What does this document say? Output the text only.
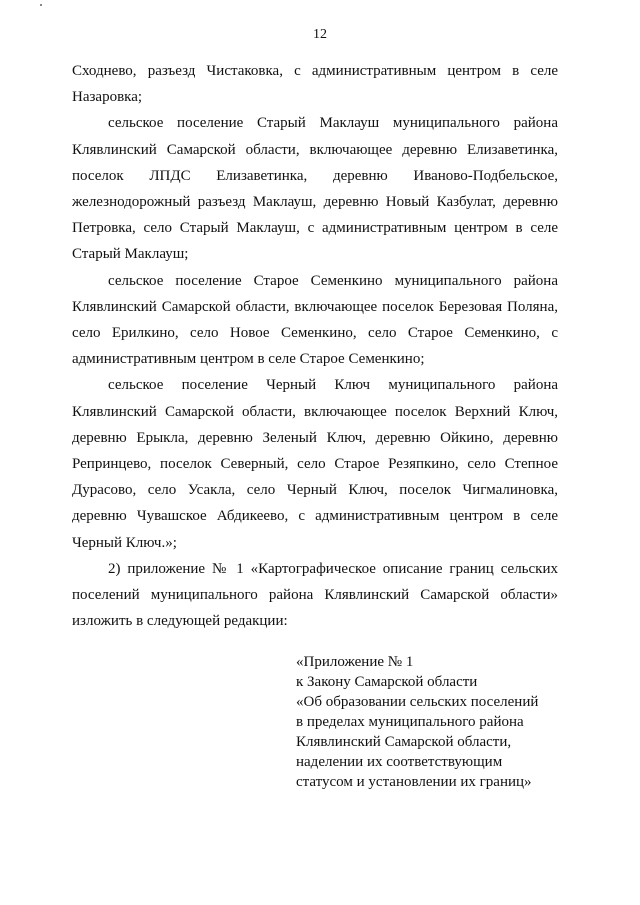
12

Сходнево, разъезд Чистаковка, с административным центром в селе Назаровка;

сельское поселение Старый Маклауш муниципального района Клявлинский Самарской области, включающее деревню Елизаветинка, поселок ЛПДС Елизаветинка, деревню Иваново-Подбельское, железнодорожный разъезд Маклауш, деревню Новый Казбулат, деревню Петровка, село Старый Маклауш, с административным центром в селе Старый Маклауш;

сельское поселение Старое Семенкино муниципального района Клявлинский Самарской области, включающее поселок Березовая Поляна, село Ерилкино, село Новое Семенкино, село Старое Семенкино, с административным центром в селе Старое Семенкино;

сельское поселение Черный Ключ муниципального района Клявлинский Самарской области, включающее поселок Верхний Ключ, деревню Ерыкла, деревню Зеленый Ключ, деревню Ойкино, деревню Репринцево, поселок Северный, село Старое Резяпкино, село Степное Дурасово, село Усакла, село Черный Ключ, поселок Чигмалиновка, деревню Чувашское Абдикеево, с административным центром в селе Черный Ключ.»;

2) приложение № 1 «Картографическое описание границ сельских поселений муниципального района Клявлинский Самарской области» изложить в следующей редакции:

«Приложение № 1
к Закону Самарской области
«Об образовании сельских поселений
в пределах муниципального района
Клявлинский Самарской области,
наделении их соответствующим
статусом и установлении их границ»
